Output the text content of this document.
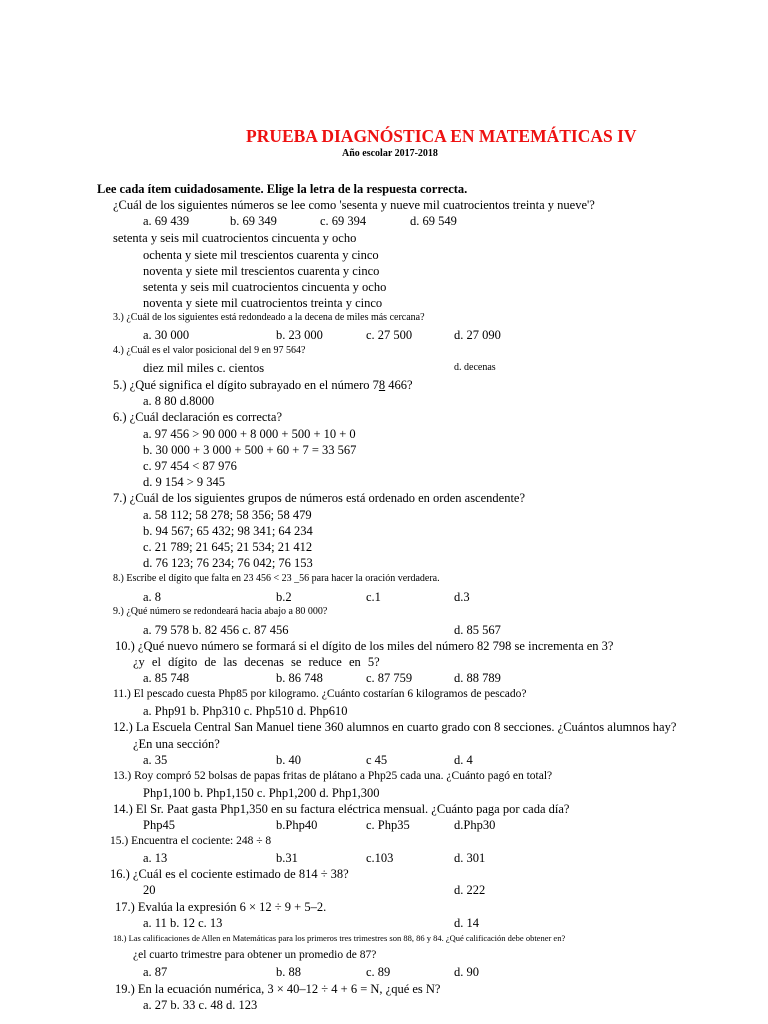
PRUEBA DIAGNÓSTICA EN MATEMÁTICAS IV
Año escolar 2017-2018
Lee cada ítem cuidadosamente. Elige la letra de la respuesta correcta.
¿Cuál de los siguientes números se lee como 'sesenta y nueve mil cuatrocientos treinta y nueve'?
a. 69 439	b. 69 349	c. 69 394	d. 69 549
setenta y seis mil cuatrocientos cincuenta y ocho
ochenta y siete mil trescientos cuarenta y cinco
noventa y siete mil trescientos cuarenta y cinco
setenta y seis mil cuatrocientos cincuenta y ocho
noventa y siete mil cuatrocientos treinta y cinco
3.) ¿Cuál de los siguientes está redondeado a la decena de miles más cercana?
a. 30 000	b. 23 000	c. 27 500	d. 27 090
4.) ¿Cuál es el valor posicional del 9 en 97 564?
diez mil miles c. cientos	d. decenas
5.) ¿Qué significa el dígito subrayado en el número 78 466?
a. 8 80 d.8000
6.) ¿Cuál declaración es correcta?
a. 97 456 > 90 000 + 8 000 + 500 + 10 + 0
b. 30 000 + 3 000 + 500 + 60 + 7 = 33 567
c. 97 454 < 87 976
d. 9 154 > 9 345
7.) ¿Cuál de los siguientes grupos de números está ordenado en orden ascendente?
a. 58 112; 58 278; 58 356; 58 479
b. 94 567; 65 432; 98 341; 64 234
c. 21 789; 21 645; 21 534; 21 412
d. 76 123; 76 234; 76 042; 76 153
8.) Escribe el dígito que falta en 23 456 < 23 _56 para hacer la oración verdadera.
a. 8	b.2	c.1	d.3
9.) ¿Qué número se redondeará hacia abajo a 80 000?
a. 79 578 b. 82 456 c. 87 456	d. 85 567
10.) ¿Qué nuevo número se formará si el dígito de los miles del número 82 798 se incrementa en 3?
¿y el dígito de las decenas se reduce en 5?
a. 85 748	b. 86 748	c. 87 759	d. 88 789
11.) El pescado cuesta Php85 por kilogramo. ¿Cuánto costarían 6 kilogramos de pescado?
a. Php91 b. Php310 c. Php510 d. Php610
12.) La Escuela Central San Manuel tiene 360 alumnos en cuarto grado con 8 secciones. ¿Cuántos alumnos hay?
¿En una sección?
a. 35	b. 40	c 45	d. 4
13.) Roy compró 52 bolsas de papas fritas de plátano a Php25 cada una. ¿Cuánto pagó en total?
Php1,100 b. Php1,150 c. Php1,200 d. Php1,300
14.) El Sr. Paat gasta Php1,350 en su factura eléctrica mensual. ¿Cuánto paga por cada día?
Php45	b.Php40	c. Php35	d.Php30
15.) Encuentra el cociente: 248 ÷ 8
a. 13	b.31	c.103	d. 301
16.) ¿Cuál es el cociente estimado de 814 ÷ 38?
20	d. 222
17.) Evalúa la expresión 6 × 12 ÷ 9 + 5–2.
a. 11 b. 12 c. 13	d. 14
18.) Las calificaciones de Allen en Matemáticas para los primeros tres trimestres son 88, 86 y 84. ¿Qué calificación debe obtener en?
¿el cuarto trimestre para obtener un promedio de 87?
a. 87	b. 88	c. 89	d. 90
19.) En la ecuación numérica, 3 × 40–12 ÷ 4 + 6 = N, ¿qué es N?
a. 27 b. 33 c. 48 d. 123
